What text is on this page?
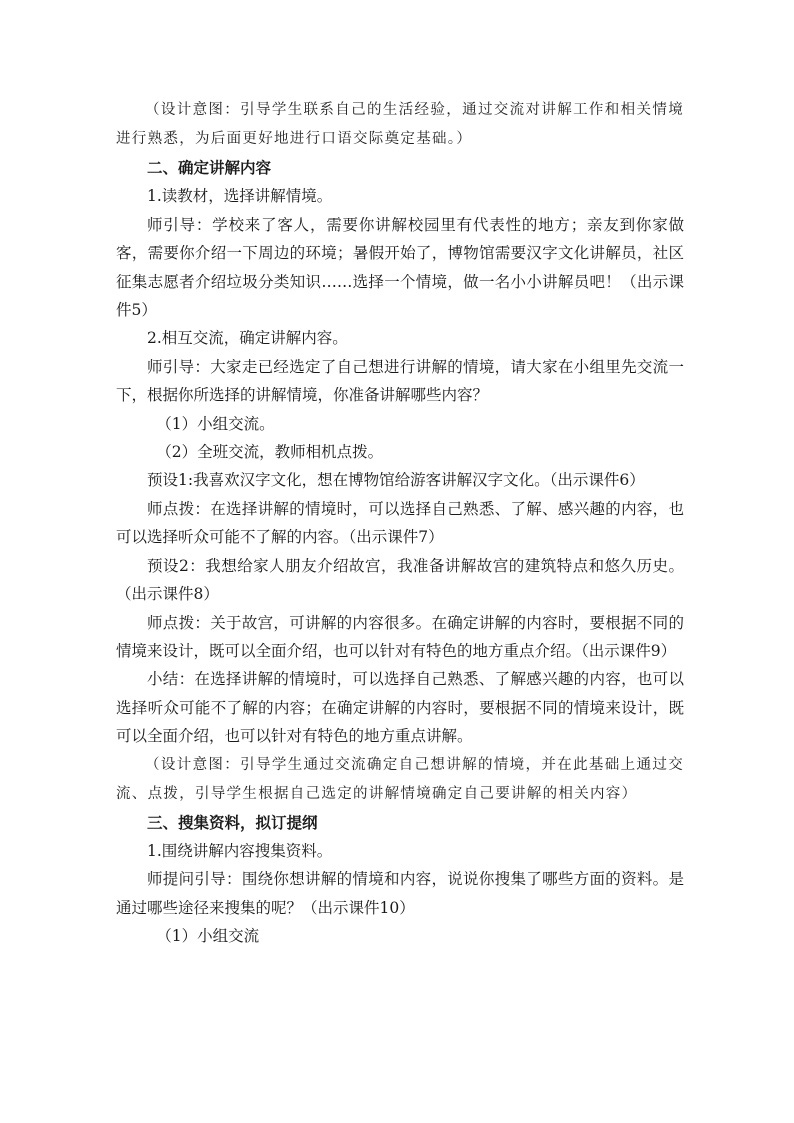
（设计意图：引导学生联系自己的生活经验，通过交流对讲解工作和相关情境进行熟悉，为后面更好地进行口语交际奠定基础。）

二、确定讲解内容

1.读教材，选择讲解情境。

师引导：学校来了客人，需要你讲解校园里有代表性的地方；亲友到你家做客，需要你介绍一下周边的环境；暑假开始了，博物馆需要汉字文化讲解员，社区征集志愿者介绍垃圾分类知识……选择一个情境，做一名小小讲解员吧！（出示课件5）

2.相互交流，确定讲解内容。

师引导：大家走已经选定了自己想进行讲解的情境，请大家在小组里先交流一下，根据你所选择的讲解情境，你准备讲解哪些内容？

（1）小组交流。

（2）全班交流，教师相机点拨。

预设1:我喜欢汉字文化，想在博物馆给游客讲解汉字文化。（出示课件6）

师点拨：在选择讲解的情境时，可以选择自己熟悉、了解、感兴趣的内容，也可以选择听众可能不了解的内容。（出示课件7）

预设2：我想给家人朋友介绍故宫，我准备讲解故宫的建筑特点和悠久历史。（出示课件8）

师点拨：关于故宫，可讲解的内容很多。在确定讲解的内容时，要根据不同的情境来设计，既可以全面介绍，也可以针对有特色的地方重点介绍。（出示课件9）

小结：在选择讲解的情境时，可以选择自己熟悉、了解感兴趣的内容，也可以选择听众可能不了解的内容；在确定讲解的内容时，要根据不同的情境来设计，既可以全面介绍，也可以针对有特色的地方重点讲解。

（设计意图：引导学生通过交流确定自己想讲解的情境，并在此基础上通过交流、点拨，引导学生根据自己选定的讲解情境确定自己要讲解的相关内容）

三、搜集资料，拟订提纲

1.围绕讲解内容搜集资料。

师提问引导：围绕你想讲解的情境和内容，说说你搜集了哪些方面的资料。是通过哪些途径来搜集的呢？（出示课件10）

（1）小组交流
